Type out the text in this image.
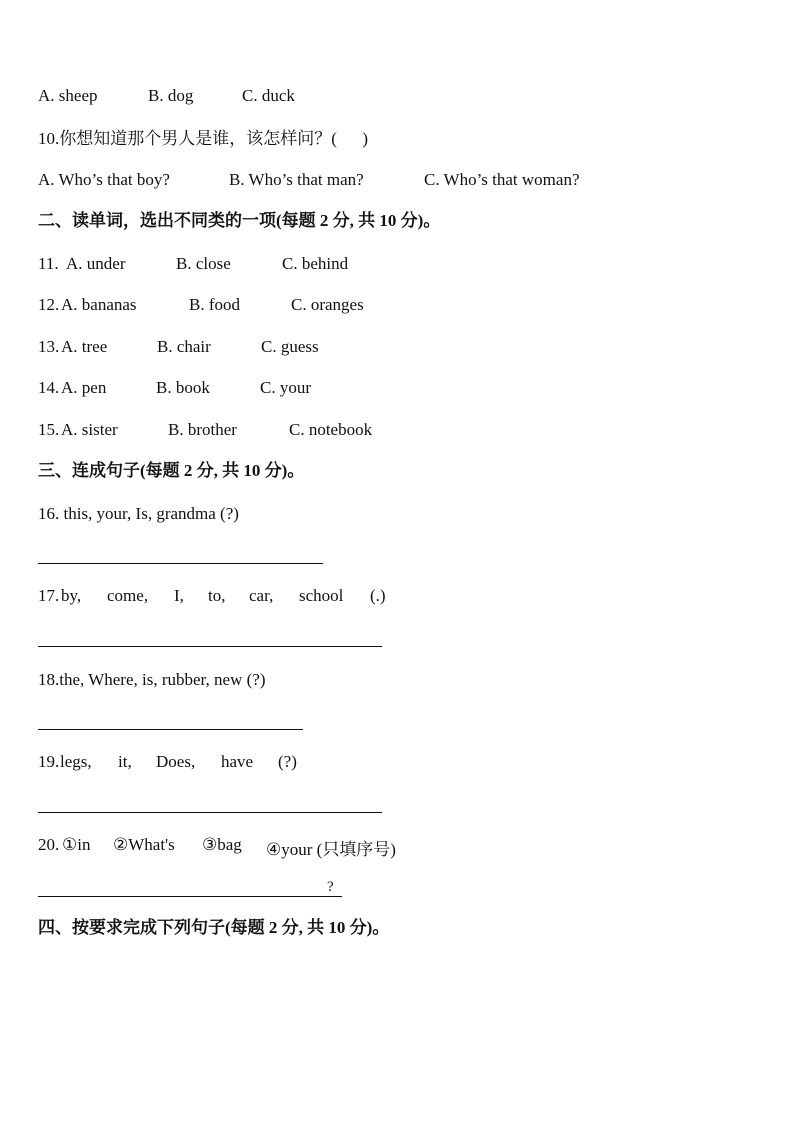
A. sheep	B. dog	C. duck
10.你想知道那个男人是谁，该怎样问？(      )
A. Who’s that boy?	B. Who’s that man?	C. Who’s that woman?
二、读单词，选出不同类的一项(每题 2 分, 共 10 分)。
11. A. under	B. close	C. behind
12. A. bananas	B. food	C. oranges
13. A. tree	B. chair	C. guess
14. A. pen	B. book	C. your
15. A. sister	B. brother	C. notebook
三、连成句子(每题 2 分, 共 10 分)。
16. this, your, Is, grandma (?)
17. by, come, I, to, car, school (.)
18.the, Where, is, rubber, new (?)
19. legs, it, Does, have (?)
20. ①in ②What's ③bag ④your (只填序号)
?
四、按要求完成下列句子(每题 2 分, 共 10 分)。
